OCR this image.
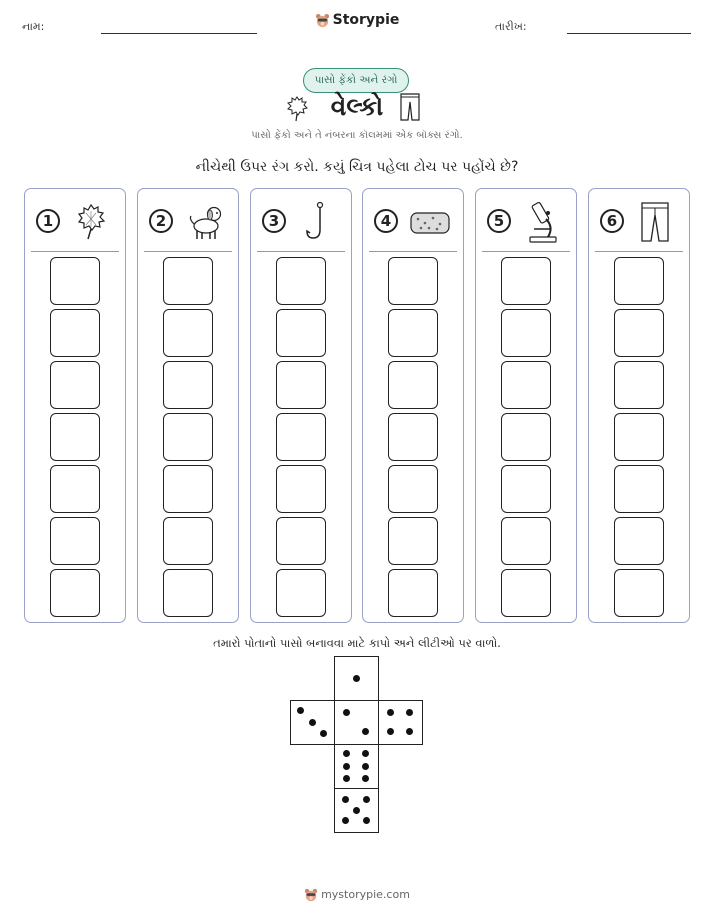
નામ:	Storypie	તારીખ:
પાસો ફેંકો અને રંગો
વેલ્કો
પાસો ફેંકો અને તે નંબરના કૉલમમાં એક બૉક્સ રંગો.
નીચેથી ઉપર રંગ કરો. કયું ચિત્ર પહેલા ટોચ પર પહોંચે છે?
1	2	3	4	5	6
તમારો પોતાનો પાસો બનાવવા માટે કાપો અને લીટીઓ પર વાળો.
mystorypie.com
